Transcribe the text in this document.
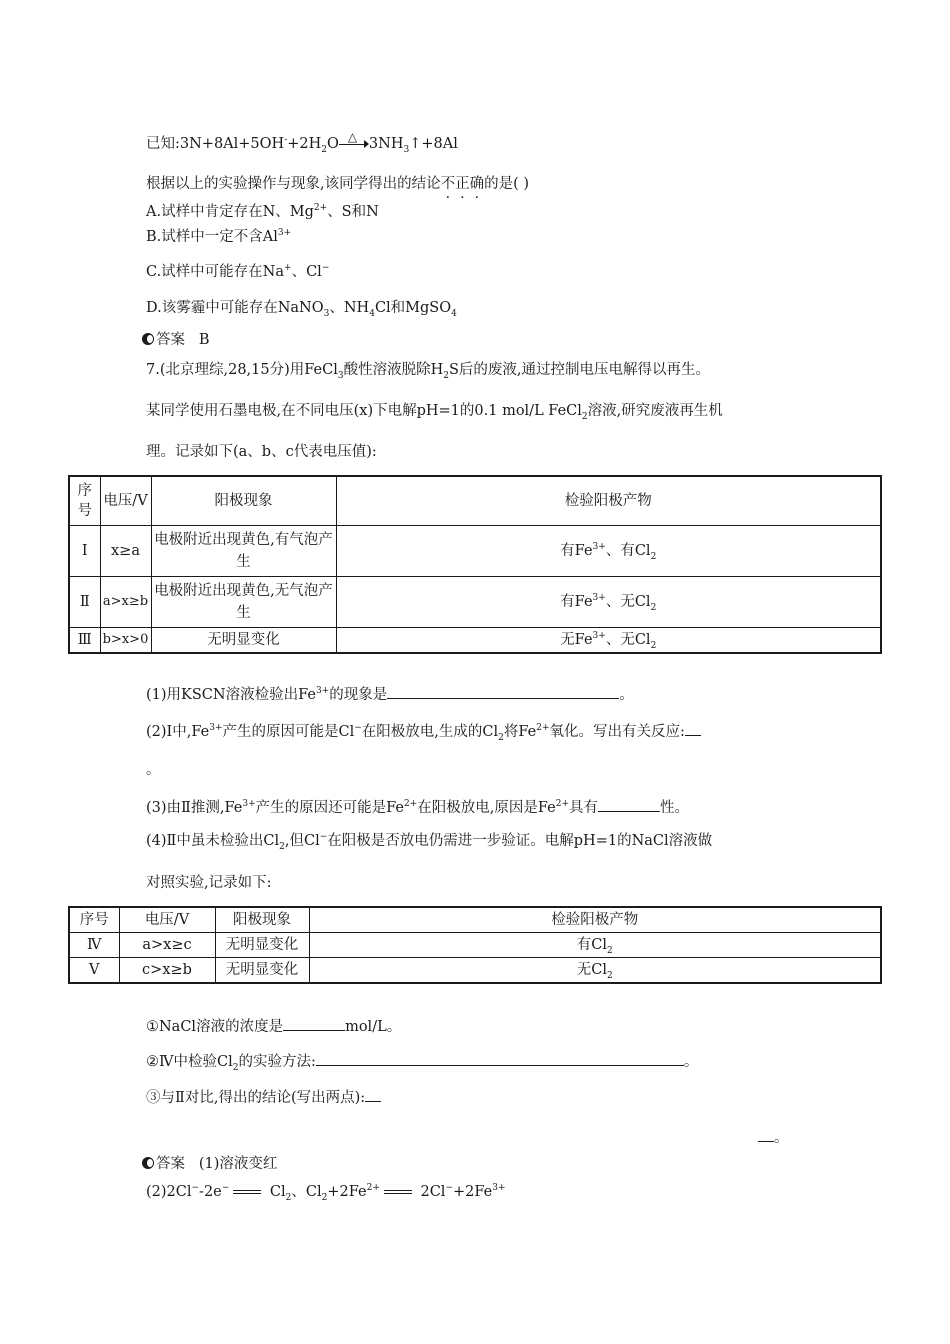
已知$:3N+8Al+5OH^-+2H_2O$ △ $3NH_3↑+8Al$
根据以上的实验操作与现象,该同学得出的结论不正确的是( )
A.试样中肯定存在N、$Mg^{2+}$、S和N
B.试样中一定不含$Al^{3+}$
C.试样中可能存在Na+、Cl−
D.该雾霾中可能存在NaNO$_3$、$NH_4Cl$和MgSO$_4$
答案 B
7.(北京理综,28,15分)用FeCl$_3$酸性溶液脱除$H_2S$后的废液,通过控制电压电解得以再生。
某同学使用石墨电极,在不同电压(x)下电解pH=1的0.1 mol/L FeCl$_2$溶液,研究废液再生机
理。记录如下(a、b、c代表电压值):
序号	电压/V	阳极现象	检验阳极产物
Ⅰ	x≥a	电极附近出现黄色,有气泡产生	有$Fe^{3+}$、有$Cl_2$
Ⅱ	a>x≥b	电极附近出现黄色,无气泡产生	有$Fe^{3+}$、无$Cl_2$
Ⅲ	b>x>0	无明显变化	无$Fe^{3+}$、无$Cl_2$
(1)用KSCN溶液检验出$Fe^{3+}$的现象是	。
(2)Ⅰ中$,Fe^{3+}$产生的原因可能是Cl−在阳极放电,生成的$Cl_2$将$Fe^{2+}$氧化。写出有关反应:
。
(3)由Ⅱ推测$,Fe^{3+}$产生的原因还可能是$Fe^{2+}$在阳极放电,原因是$Fe^{2+}$具有	性。
(4)Ⅱ中虽未检验出$Cl_2$,但Cl−在阳极是否放电仍需进一步验证。电解pH=1的NaCl溶液做
对照实验,记录如下:
序号	电压/V	阳极现象	检验阳极产物
Ⅳ	a>x≥c	无明显变化	有$Cl_2$
Ⅴ	c>x≥b	无明显变化	无$Cl_2$
①NaCl溶液的浓度是	mol/L。
②Ⅳ中检验$Cl_2$的实验方法:	。
③与Ⅱ对比,得出的结论(写出两点):
。
答案 (1)溶液变红
(2)2Cl−-2e− $Cl_2$、$Cl_2+2Fe^{2+}$ $2Cl^-+2Fe^{3+}$
